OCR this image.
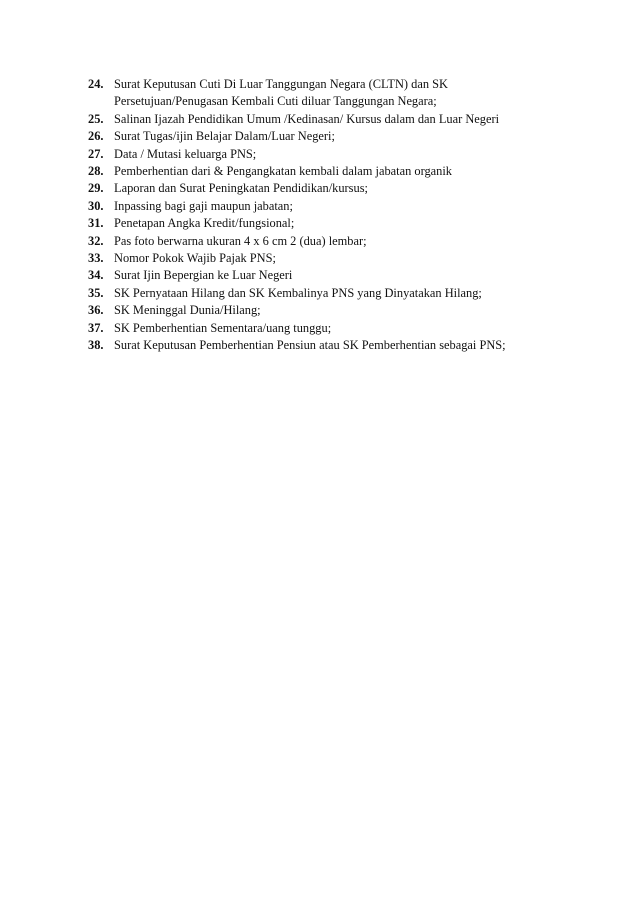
24. Surat Keputusan Cuti Di Luar Tanggungan Negara (CLTN) dan SK
Persetujuan/Penugasan Kembali Cuti diluar Tanggungan Negara;
25. Salinan Ijazah Pendidikan Umum /Kedinasan/ Kursus dalam dan Luar Negeri
26. Surat Tugas/ijin Belajar Dalam/Luar Negeri;
27. Data / Mutasi keluarga PNS;
28. Pemberhentian dari & Pengangkatan kembali dalam jabatan organik
29. Laporan dan Surat Peningkatan Pendidikan/kursus;
30. Inpassing bagi gaji maupun jabatan;
31. Penetapan Angka Kredit/fungsional;
32. Pas foto berwarna ukuran 4 x 6 cm 2 (dua) lembar;
33. Nomor Pokok Wajib Pajak PNS;
34. Surat Ijin Bepergian ke Luar Negeri
35. SK Pernyataan Hilang dan SK Kembalinya PNS yang Dinyatakan Hilang;
36. SK Meninggal Dunia/Hilang;
37. SK Pemberhentian Sementara/uang tunggu;
38. Surat Keputusan Pemberhentian Pensiun atau SK Pemberhentian sebagai PNS;
